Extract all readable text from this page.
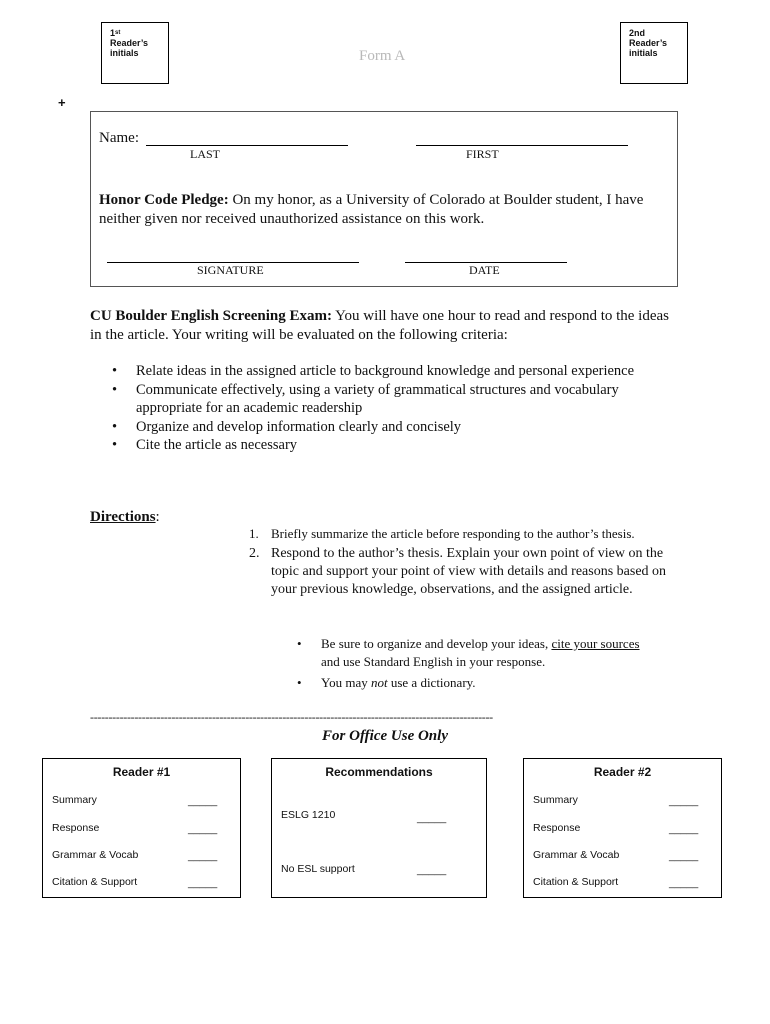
1st
Reader’s
initials	Form A
2nd
Reader’s
initials
+
Name:
LAST	FIRST
Honor Code Pledge: On my honor, as a University of Colorado at Boulder student, I have
neither given nor received unauthorized assistance on this work.
SIGNATURE	DATE
CU Boulder English Screening Exam: You will have one hour to read and respond to the ideas
in the article. Your writing will be evaluated on the following criteria:
• Relate ideas in the assigned article to background knowledge and personal experience
• Communicate effectively, using a variety of grammatical structures and vocabulary
appropriate for an academic readership
• Organize and develop information clearly and concisely
• Cite the article as necessary
Directions:
1. Briefly summarize the article before responding to the author’s thesis.
2. Respond to the author’s thesis. Explain your own point of view on the topic and support your point of view with details and reasons based on your previous knowledge, observations, and the assigned article.
• Be sure to organize and develop your ideas, cite your sources
and use Standard English in your response.
• You may not use a dictionary.
-------------------------------------------------------------------------------------------------------------
For Office Use Only
Reader #1
Summary	_____
Response	_____
Grammar & Vocab	_____
Citation & Support	_____
Recommendations
ESLG 1210	_____
No ESL support	_____
Reader #2
Summary	_____
Response	_____
Grammar & Vocab	_____
Citation & Support	_____
